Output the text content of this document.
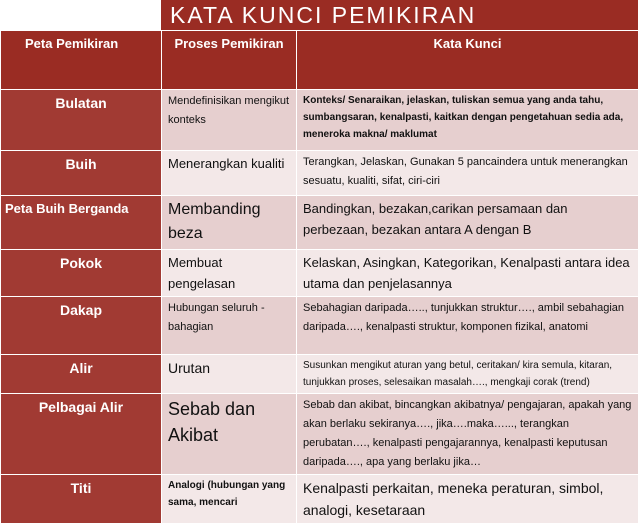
KATA KUNCI PEMIKIRAN
Peta Pemikiran	Proses Pemikiran	Kata Kunci
Bulatan	Mendefinisikan mengikut konteks	Konteks/ Senaraikan, jelaskan, tuliskan semua yang anda tahu, sumbangsaran, kenalpasti, kaitkan dengan pengetahuan sedia ada, meneroka makna/ maklumat
Buih	Menerangkan kualiti	Terangkan, Jelaskan, Gunakan 5 pancaindera untuk menerangkan sesuatu, kualiti, sifat, ciri-ciri
Peta Buih Berganda	Membanding beza	Bandingkan, bezakan,carikan persamaan dan perbezaan, bezakan antara A dengan B
Pokok	Membuat pengelasan	Kelaskan, Asingkan, Kategorikan, Kenalpasti antara idea utama dan penjelasannya
Dakap	Hubungan seluruh - bahagian	Sebahagian daripada….., tunjukkan struktur…., ambil sebahagian daripada…., kenalpasti struktur, komponen fizikal, anatomi
Alir	Urutan	Susunkan mengikut aturan yang betul, ceritakan/ kira semula, kitaran, tunjukkan proses, selesaikan masalah…., mengkaji corak (trend)
Pelbagai Alir	Sebab dan Akibat	Sebab dan akibat, bincangkan akibatnya/ pengajaran, apakah yang akan berlaku sekiranya…., jika….maka…..., terangkan perubatan…., kenalpasti pengajarannya, kenalpasti keputusan daripada…., apa yang berlaku jika…
Titi	Analogi (hubungan yang sama, mencari	Kenalpasti perkaitan, meneka peraturan, simbol, analogi, kesetaraan
